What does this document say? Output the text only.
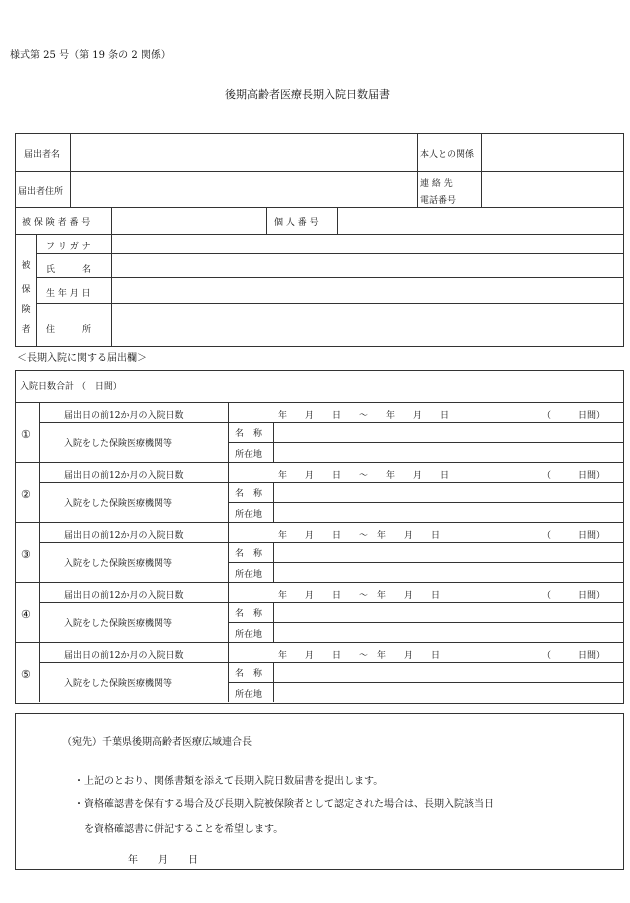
様式第 25 号（第 19 条の 2 関係）
後期高齢者医療長期入院日数届書
届出者名	本人との関係
届出者住所
連 絡 先
電話番号
被 保 険 者 番 号	個 人 番 号
被
保
険
者
フ リ ガ ナ
氏　　　名
生 年 月 日
住　　　所
＜長期入院に関する届出欄＞
入院日数合計 （　日間）
①
届出日の前12か月の入院日数	年　　月　　日　　～　　年　　月　　日	（　　　日間）
入院をした保険医療機関等
名　称
所在地
②
届出日の前12か月の入院日数	年　　月　　日　　～　　年　　月　　日	（　　　日間）
入院をした保険医療機関等
名　称
所在地
③
届出日の前12か月の入院日数	年　　月　　日　　～　年　　月　　日	（　　　日間）
入院をした保険医療機関等
名　称
所在地
④
届出日の前12か月の入院日数	年　　月　　日　　～　年　　月　　日	（　　　日間）
入院をした保険医療機関等
名　称
所在地
⑤
届出日の前12か月の入院日数	年　　月　　日　　～　年　　月　　日	（　　　日間）
入院をした保険医療機関等
名　称
所在地
（宛先）千葉県後期高齢者医療広域連合長
・上記のとおり、関係書類を添えて長期入院日数届書を提出します。
・資格確認書を保有する場合及び長期入院被保険者として認定された場合は、長期入院該当日
を資格確認書に併記することを希望します。
年　　月　　日
